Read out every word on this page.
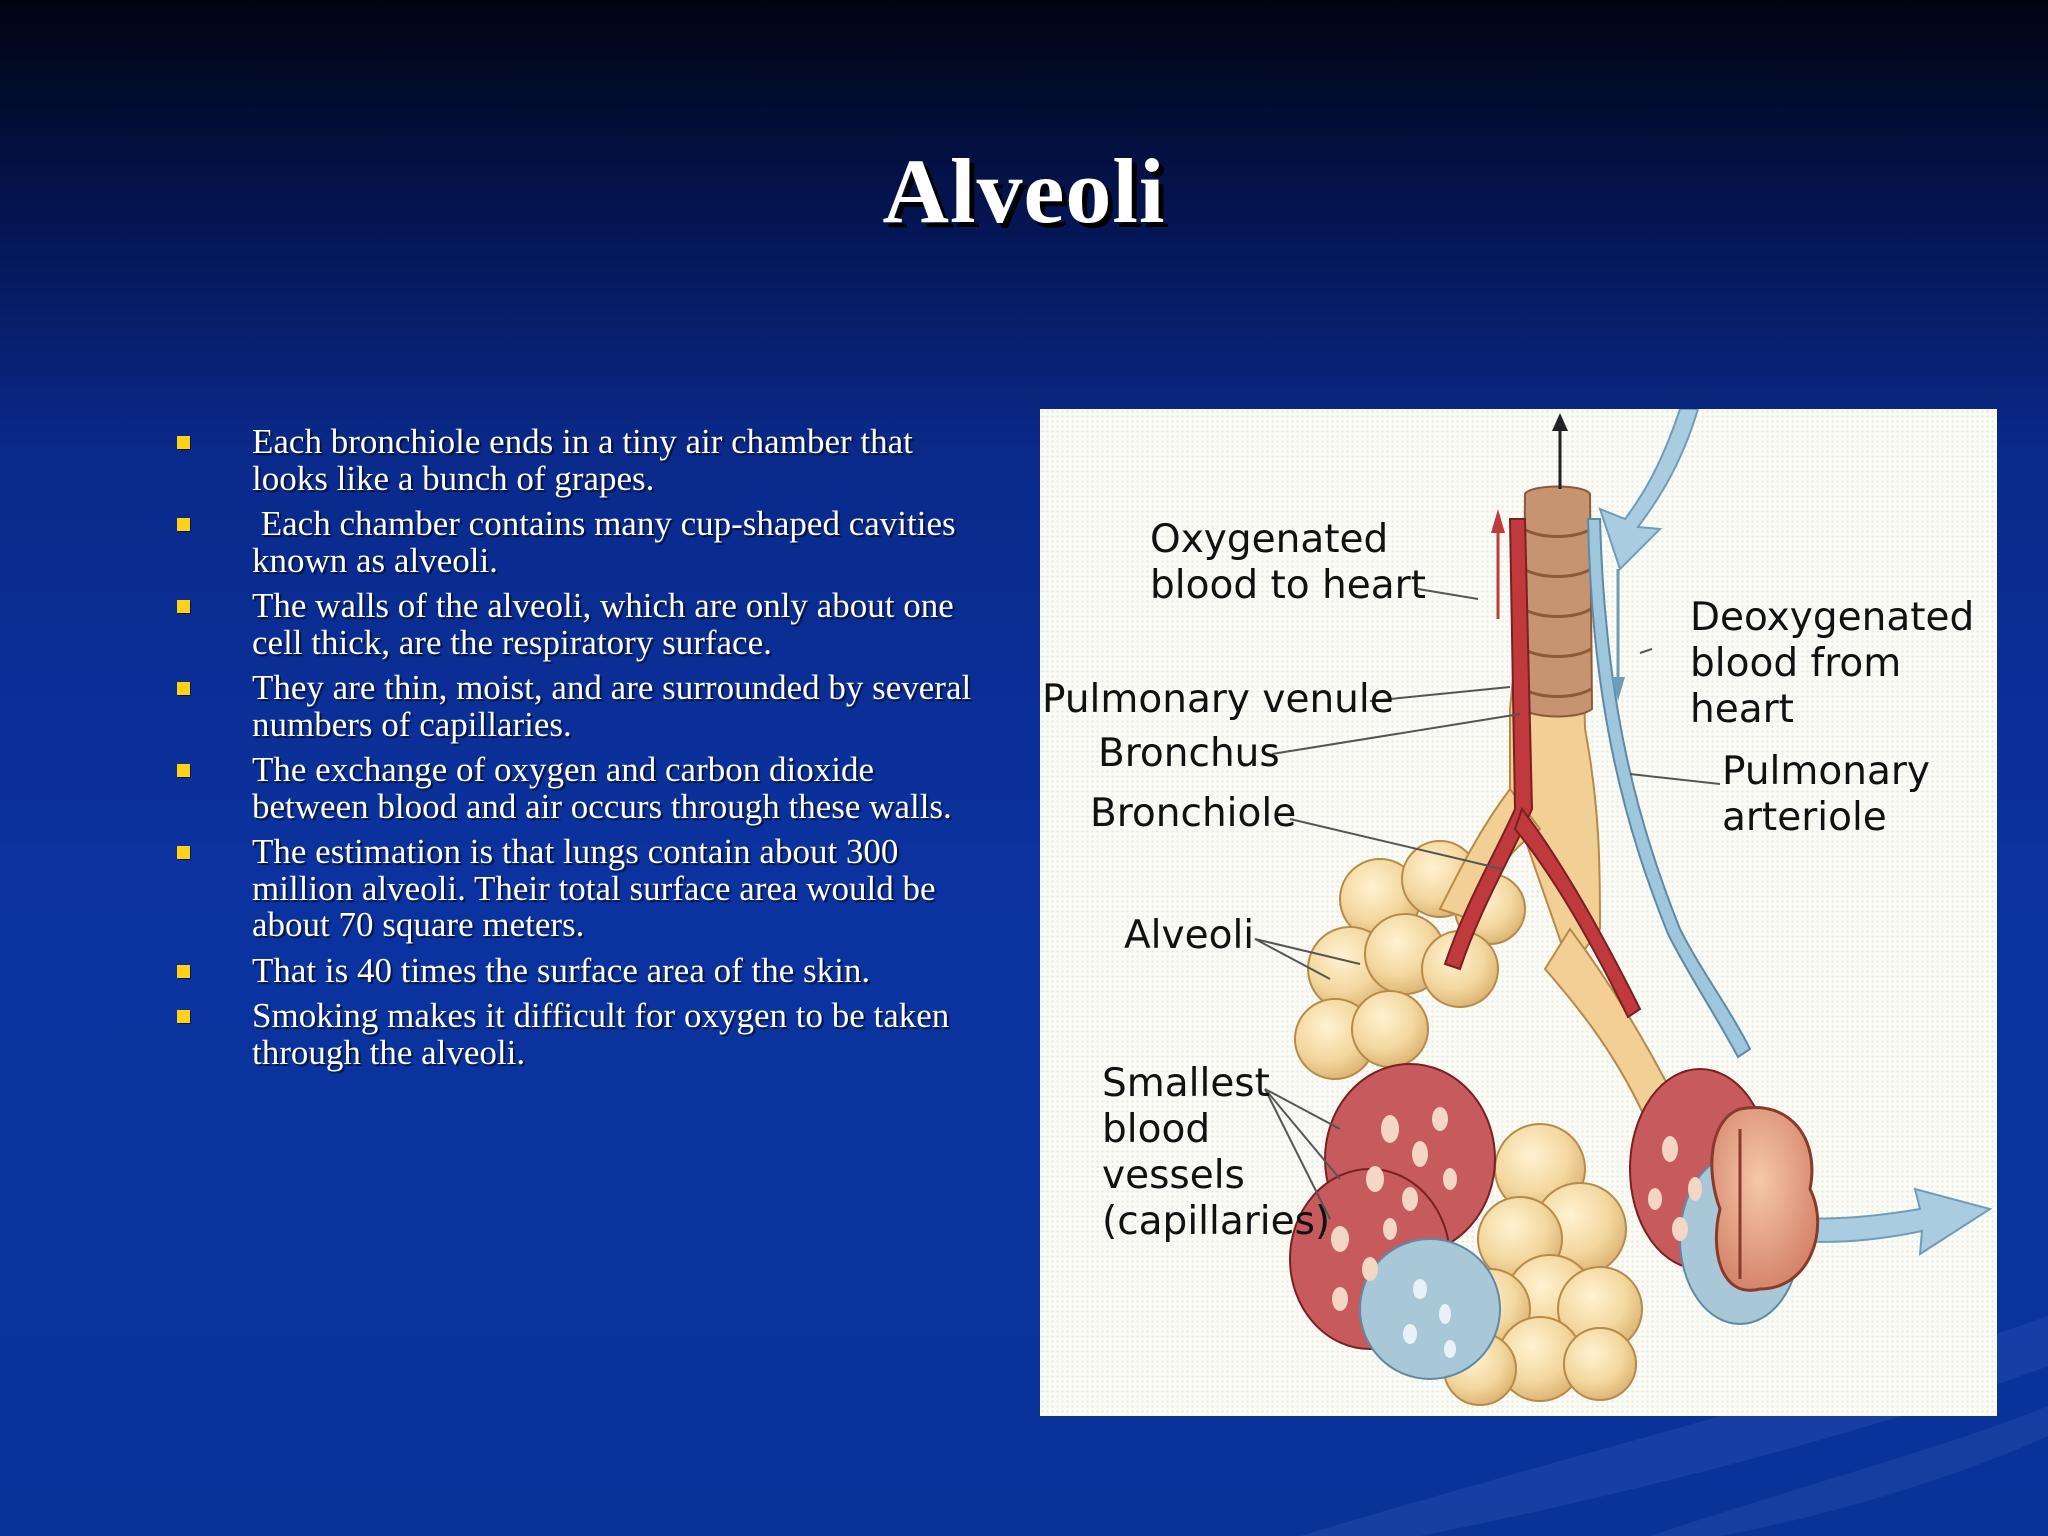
Alveoli
Each bronchiole ends in a tiny air chamber that looks like a bunch of grapes.
Each chamber contains many cup-shaped cavities known as alveoli.
The walls of the alveoli, which are only about one cell thick, are the respiratory surface.
They are thin, moist, and are surrounded by several numbers of capillaries.
The exchange of oxygen and carbon dioxide between blood and air occurs through these walls.
The estimation is that lungs contain about 300 million alveoli. Their total surface area would be about 70 square meters.
That is 40 times the surface area of the skin.
Smoking makes it difficult for oxygen to be taken through the alveoli.
Oxygenated
blood to heart
Deoxygenated
blood from heart
Pulmonary venule
Bronchus
Bronchiole
Pulmonary
arteriole
Alveoli
Smallest
blood
vessels
(capillaries)
